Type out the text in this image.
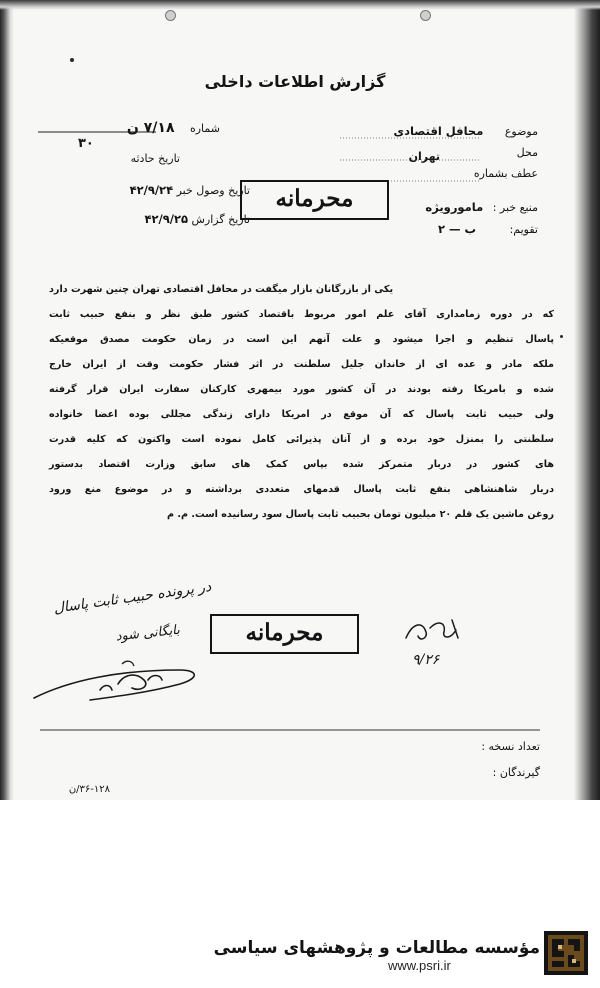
گزارش اطلاعات داخلی
شماره ۷/۱۸ ن
۳۰
تاریخ حادثه
تاریخ وصول خبر ۴۲/۹/۲۴
تاریخ گزارش ۴۲/۹/۲۵
موضوع محافل اقتصادی
محل
تهران
عطف بشماره
منبع خبر : مامورویژه
تقویم: ب — ۲
محرمانه
یکی از بازرگانان بازار میگفت در محافل اقتصادی تهران چنین شهرت دارد
که در دوره زمامداری آقای علم امور مربوط باقتصاد کشور طبق نظر و بنفع حبیب ثابت
پاسال تنظیم و اجرا میشود و علت آنهم این است در زمان حکومت مصدق موقعیکه
ملکه مادر و عده ای از خاندان جلیل سلطنت در اثر فشار حکومت وقت از ایران خارج
شده و بامریکا رفته بودند در آن کشور مورد بیمهری کارکنان سفارت ایران قرار گرفته
ولی حبیب ثابت پاسال که آن موقع در امریکا دارای زندگی مجللی بوده اعضا خانواده
سلطنتی را بمنزل خود برده و از آنان پذیرائی کامل نموده است واکنون که کلیه قدرت
های کشور در دربار متمرکز شده بپاس کمک های سابق وزارت اقتصاد بدستور
دربار شاهنشاهی بنفع ثابت پاسال قدمهای متعددی برداشته و در موضوع منع ورود
روغن ماشین یک قلم ۲۰ میلیون تومان بحبیب ثابت پاسال سود رسانیده است. م. م
در پرونده حبیب ثابت پاسال
بایگانی شود	محرمانه
۹/۲۶
تعداد نسخه :
گیرندگان :
۳۶-۱۲۸/ن
مؤسسه مطالعات و پژوهشهای سیاسی
www.psri.ir
